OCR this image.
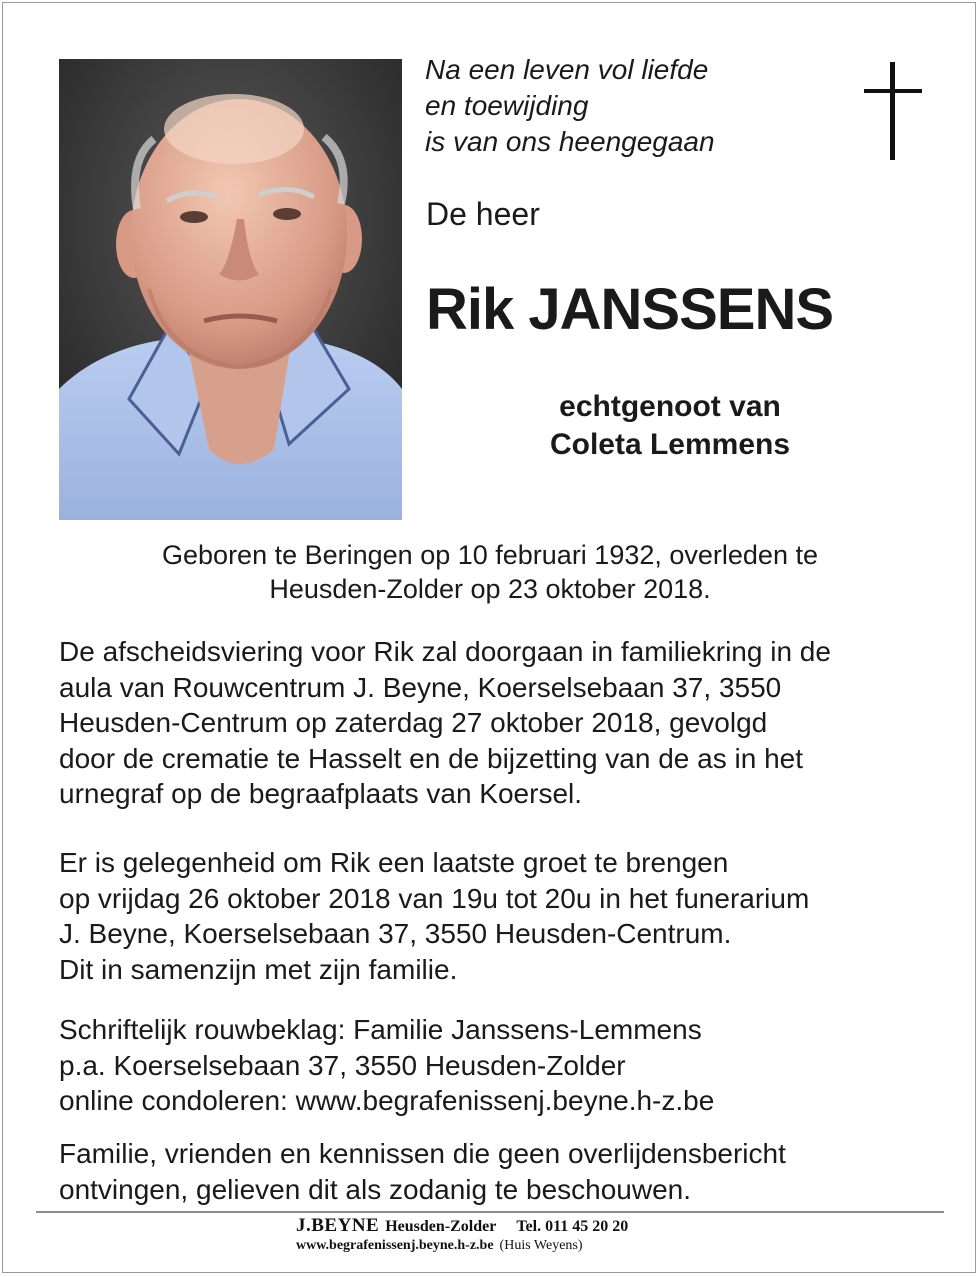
Na een leven vol liefde
en toewijding
is van ons heengegaan
De heer
Rik JANSSENS
echtgenoot van
Coleta Lemmens
Geboren te Beringen op 10 februari 1932, overleden te
Heusden-Zolder op 23 oktober 2018.
De afscheidsviering voor Rik zal doorgaan in familiekring in de
aula van Rouwcentrum J. Beyne, Koerselsebaan 37, 3550
Heusden-Centrum op zaterdag 27 oktober 2018, gevolgd
door de crematie te Hasselt en de bijzetting van de as in het
urnegraf op de begraafplaats van Koersel.
Er is gelegenheid om Rik een laatste groet te brengen
op vrijdag 26 oktober 2018 van 19u tot 20u in het funerarium
J. Beyne, Koerselsebaan 37, 3550 Heusden-Centrum.
Dit in samenzijn met zijn familie.
Schriftelijk rouwbeklag: Familie Janssens-Lemmens
p.a. Koerselsebaan 37, 3550 Heusden-Zolder
online condoleren: www.begrafenissenj.beyne.h-z.be
Familie, vrienden en kennissen die geen overlijdensbericht
ontvingen, gelieven dit als zodanig te beschouwen.
J.BEYNE Heusden-Zolder Tel. 011 45 20 20
www.begrafenissenj.beyne.h-z.be (Huis Weyens)
